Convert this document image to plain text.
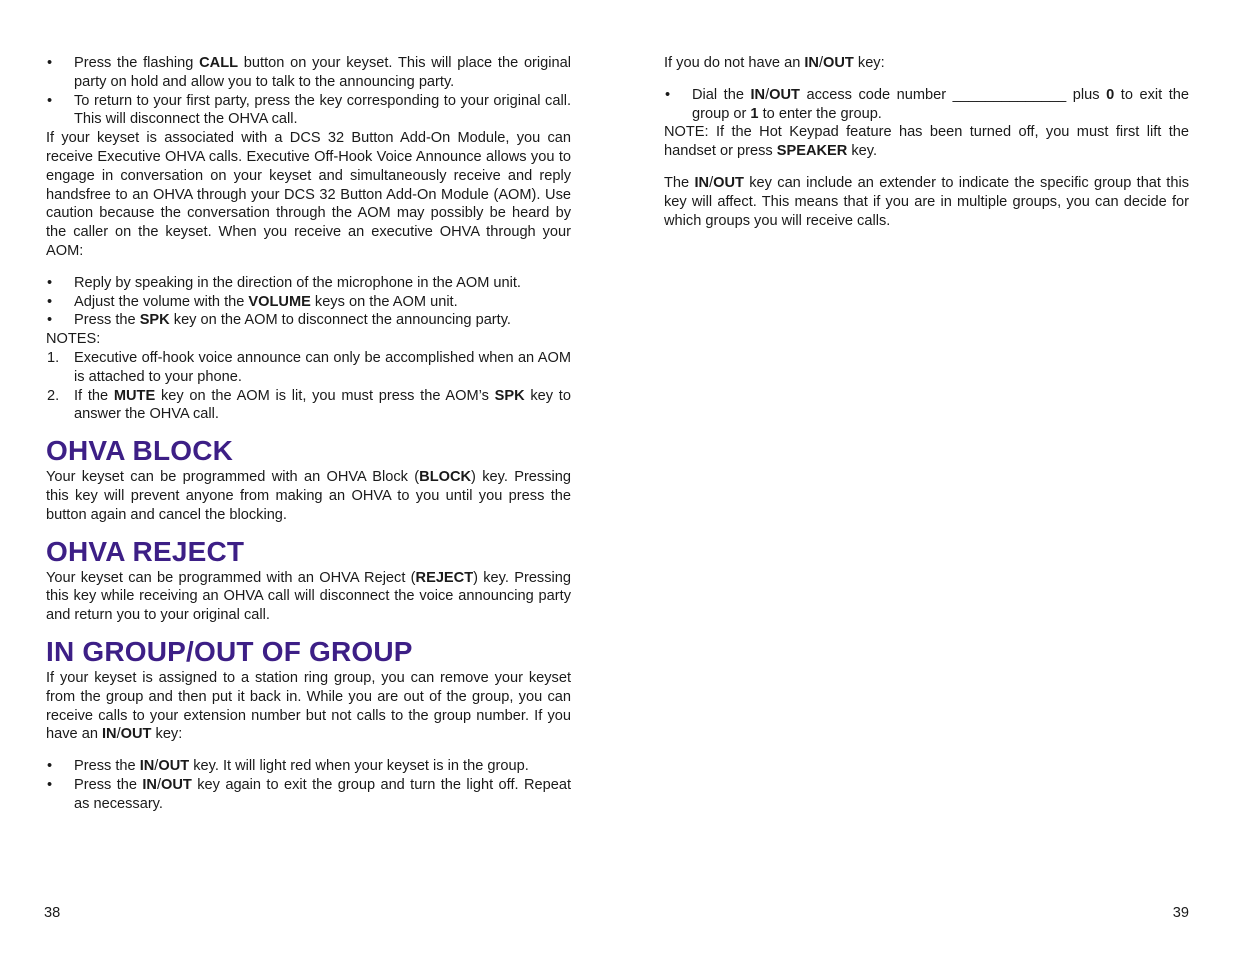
• Press the flashing CALL button on your keyset. This will place the original party on hold and allow you to talk to the announcing party.
• To return to your first party, press the key corresponding to your original call. This will disconnect the OHVA call.

If your keyset is associated with a DCS 32 Button Add-On Module, you can receive Executive OHVA calls. Executive Off-Hook Voice Announce allows you to engage in conversation on your keyset and simultaneously receive and reply handsfree to an OHVA through your DCS 32 Button Add-On Module (AOM). Use caution because the conversation through the AOM may possibly be heard by the caller on the keyset. When you receive an executive OHVA through your AOM:

• Reply by speaking in the direction of the microphone in the AOM unit.
• Adjust the volume with the VOLUME keys on the AOM unit.
• Press the SPK key on the AOM to disconnect the announcing party.

NOTES:

1. Executive off-hook voice announce can only be accomplished when an AOM is attached to your phone.
2. If the MUTE key on the AOM is lit, you must press the AOM’s SPK key to answer the OHVA call.
OHVA BLOCK

Your keyset can be programmed with an OHVA Block (BLOCK) key. Pressing this key will prevent anyone from making an OHVA to you until you press the button again and cancel the blocking.

OHVA REJECT

Your keyset can be programmed with an OHVA Reject (REJECT) key. Pressing this key while receiving an OHVA call will disconnect the voice announcing party and return you to your original call.

IN GROUP/OUT OF GROUP

If your keyset is assigned to a station ring group, you can remove your keyset from the group and then put it back in. While you are out of the group, you can receive calls to your extension number but not calls to the group number. If you have an IN/OUT key:

• Press the IN/OUT key. It will light red when your keyset is in the group.
• Press the IN/OUT key again to exit the group and turn the light off. Repeat as necessary.
38

If you do not have an IN/OUT key:

• Dial the IN/OUT access code number ______________ plus 0 to exit the group or 1 to enter the group.

NOTE: If the Hot Keypad feature has been turned off, you must first lift the handset or press SPEAKER key.

The IN/OUT key can include an extender to indicate the specific group that this key will affect. This means that if you are in multiple groups, you can decide for which groups you will receive calls.

39
